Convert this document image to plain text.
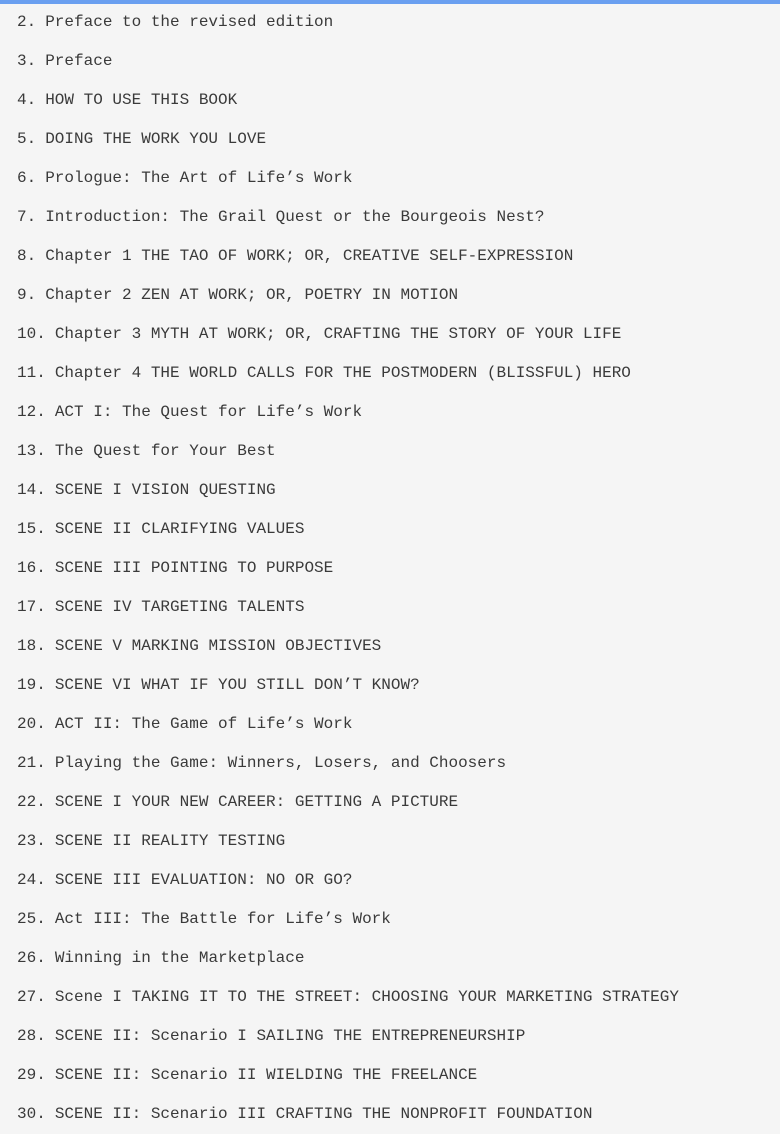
2. Preface to the revised edition
3. Preface
4. HOW TO USE THIS BOOK
5. DOING THE WORK YOU LOVE
6. Prologue: The Art of Life’s Work
7. Introduction: The Grail Quest or the Bourgeois Nest?
8. Chapter 1 THE TAO OF WORK; OR, CREATIVE SELF-EXPRESSION
9. Chapter 2 ZEN AT WORK; OR, POETRY IN MOTION
10. Chapter 3 MYTH AT WORK; OR, CRAFTING THE STORY OF YOUR LIFE
11. Chapter 4 THE WORLD CALLS FOR THE POSTMODERN (BLISSFUL) HERO
12. ACT I: The Quest for Life’s Work
13. The Quest for Your Best
14. SCENE I VISION QUESTING
15. SCENE II CLARIFYING VALUES
16. SCENE III POINTING TO PURPOSE
17. SCENE IV TARGETING TALENTS
18. SCENE V MARKING MISSION OBJECTIVES
19. SCENE VI WHAT IF YOU STILL DON’T KNOW?
20. ACT II: The Game of Life’s Work
21. Playing the Game: Winners, Losers, and Choosers
22. SCENE I YOUR NEW CAREER: GETTING A PICTURE
23. SCENE II REALITY TESTING
24. SCENE III EVALUATION: NO OR GO?
25. Act III: The Battle for Life’s Work
26. Winning in the Marketplace
27. Scene I TAKING IT TO THE STREET: CHOOSING YOUR MARKETING STRATEGY
28. SCENE II: Scenario I SAILING THE ENTREPRENEURSHIP
29. SCENE II: Scenario II WIELDING THE FREELANCE
30. SCENE II: Scenario III CRAFTING THE NONPROFIT FOUNDATION
